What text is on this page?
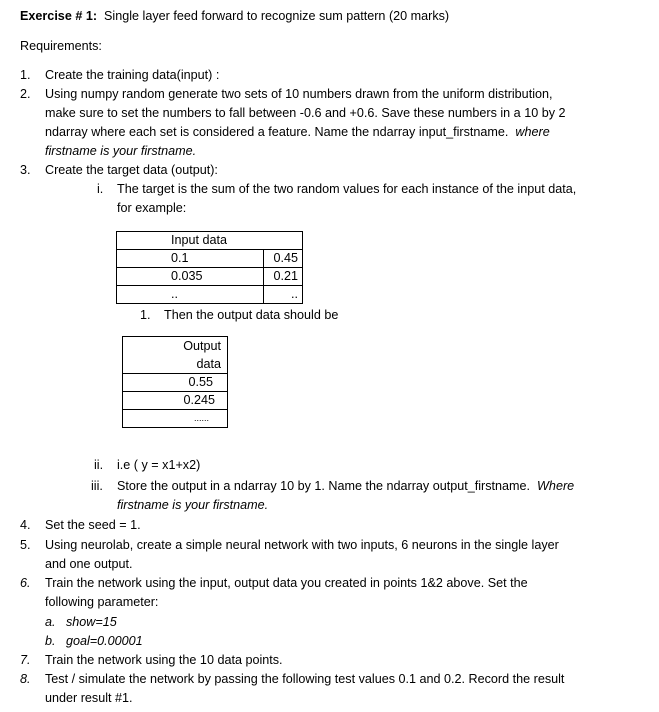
Exercise # 1: Single layer feed forward to recognize sum pattern (20 marks)
Requirements:
1. Create the training data(input) :
2. Using numpy random generate two sets of 10 numbers drawn from the uniform distribution,
make sure to set the numbers to fall between -0.6 and +0.6. Save these numbers in a 10 by 2
ndarray where each set is considered a feature. Name the ndarray input_firstname. where
firstname is your firstname.
3. Create the target data (output):
i. The target is the sum of the two random values for each instance of the input data,
for example:
Input data	
0.1	0.45
0.035	0.21
..	..
1. Then the output data should be
Output
data
0.55
0.245
......
ii. i.e ( y = x1+x2)
iii. Store the output in a ndarray 10 by 1. Name the ndarray output_firstname. Where
firstname is your firstname.
4. Set the seed = 1.
5. Using neurolab, create a simple neural network with two inputs, 6 neurons in the single layer
and one output.
6. Train the network using the input, output data you created in points 1&2 above. Set the
following parameter:
a. show=15
b. goal=0.00001
7. Train the network using the 10 data points.
8. Test / simulate the network by passing the following test values 0.1 and 0.2. Record the result
under result #1.
